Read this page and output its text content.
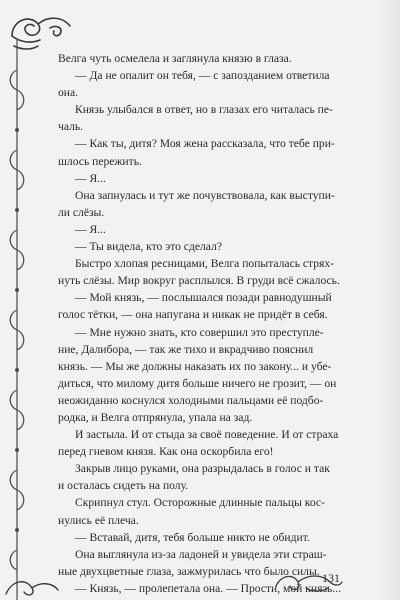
Велга чуть осмелела и заглянула князю в глаза.
— Да не опалит он тебя, — с запозданием ответила
она.
Князь улыбался в ответ, но в глазах его читалась пе-
чаль.
— Как ты, дитя? Моя жена рассказала, что тебе при-
шлось пережить.
— Я...
Она запнулась и тут же почувствовала, как выступи-
ли слёзы.
— Я...
— Ты видела, кто это сделал?
Быстро хлопая ресницами, Велга попыталась стрях-
нуть слёзы. Мир вокруг расплылся. В груди всё сжалось.
— Мой князь, — послышался позади равнодушный
голос тётки, — она напугана и никак не придёт в себя.
— Мне нужно знать, кто совершил это преступле-
ние, Далибора, — так же тихо и вкрадчиво пояснил
князь. — Мы же должны наказать их по закону... и убе-
диться, что милому дитя больше ничего не грозит, — он
неожиданно коснулся холодными пальцами её подбо-
родка, и Велга отпрянула, упала на зад.
И застыла. И от стыда за своё поведение. И от страха
перед гневом князя. Как она оскорбила его!
Закрыв лицо руками, она разрыдалась в голос и так
и осталась сидеть на полу.
Скрипнул стул. Осторожные длинные пальцы кос-
нулись её плеча.
— Вставай, дитя, тебя больше никто не обидит.
Она выглянула из-за ладоней и увидела эти страш-
ные двухцветные глаза, зажмурилась что было силы.
— Князь, — пролепетала она. — Прости, мой князь...
131
